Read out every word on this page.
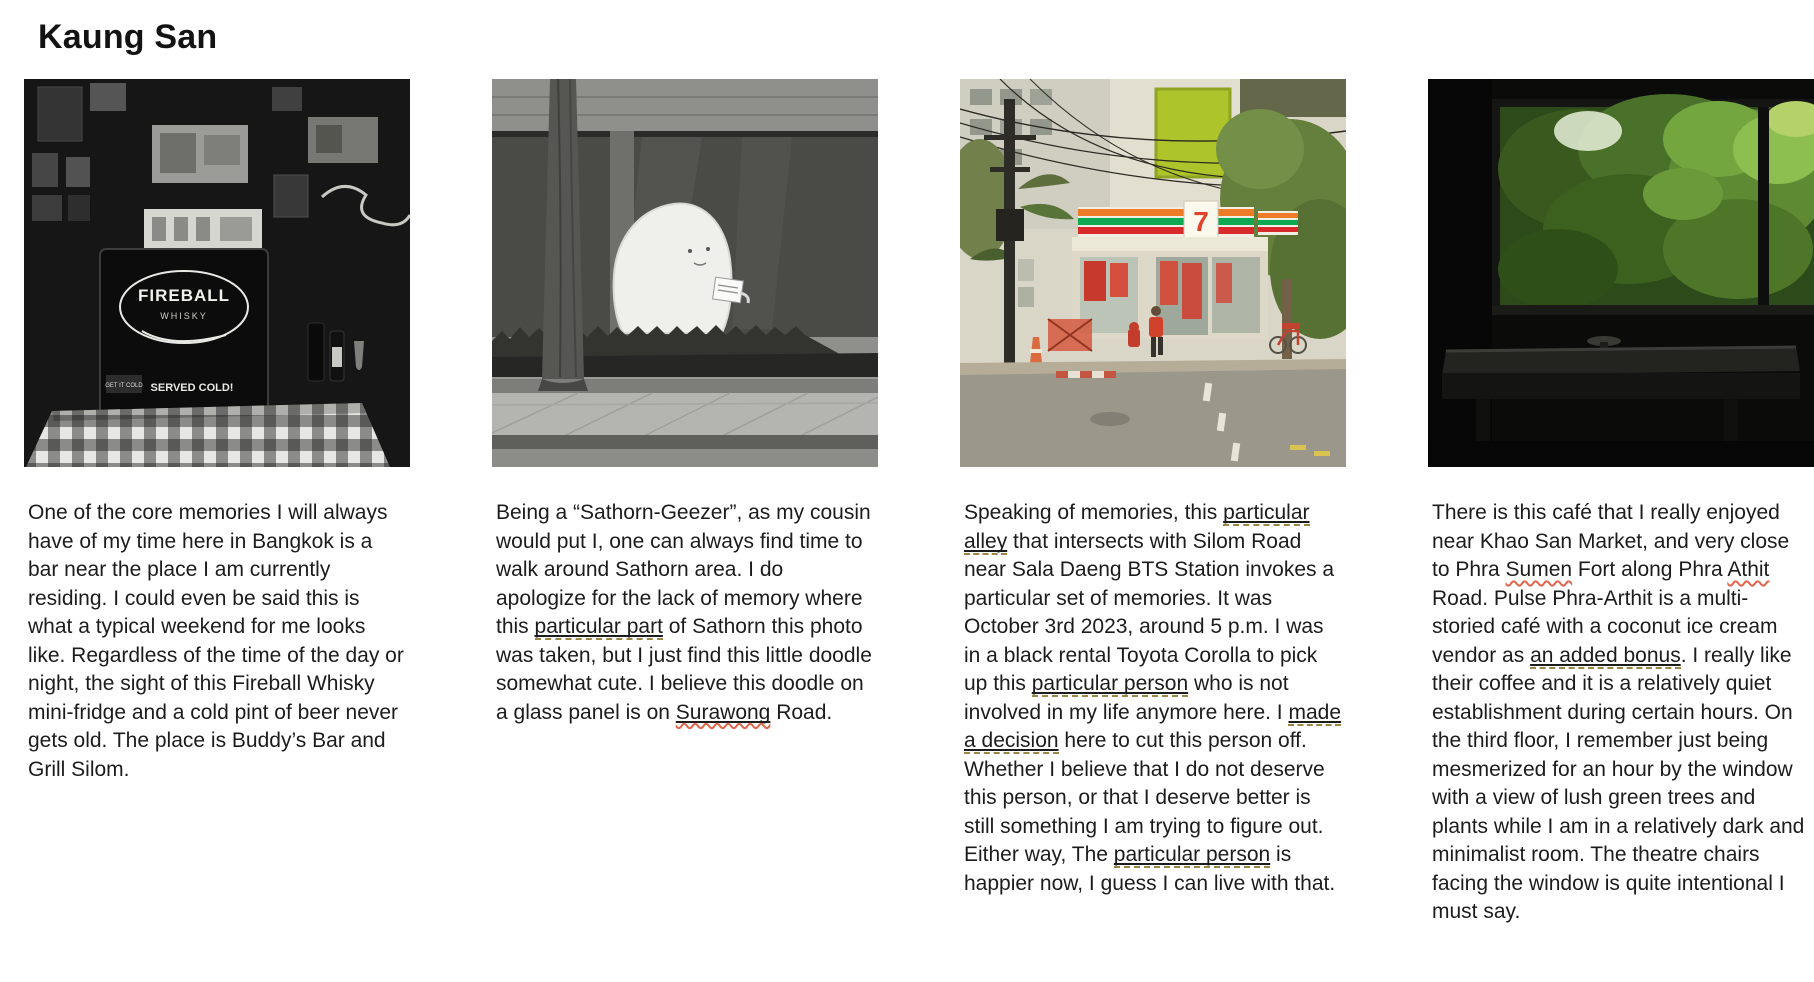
Kaung San
FIREBALL
WHISKY
GET IT COLD SERVED COLD!

One of the core memories I will always have of my time here in Bangkok is a bar near the place I am currently residing. I could even be said this is what a typical weekend for me looks like. Regardless of the time of the day or night, the sight of this Fireball Whisky mini-fridge and a cold pint of beer never gets old. The place is Buddy’s Bar and Grill Silom.

Being a “Sathorn-Geezer”, as my cousin would put I, one can always find time to walk around Sathorn area. I do apologize for the lack of memory where this particular part of Sathorn this photo was taken, but I just find this little doodle somewhat cute. I believe this doodle on a glass panel is on Surawong Road.

7

Speaking of memories, this particular alley that intersects with Silom Road near Sala Daeng BTS Station invokes a particular set of memories. It was October 3rd 2023, around 5 p.m. I was in a black rental Toyota Corolla to pick up this particular person who is not involved in my life anymore here. I made a decision here to cut this person off. Whether I believe that I do not deserve this person, or that I deserve better is still something I am trying to figure out. Either way, The particular person is happier now, I guess I can live with that.

There is this café that I really enjoyed near Khao San Market, and very close to Phra Sumen Fort along Phra Athit Road. Pulse Phra-Arthit is a multi-storied café with a coconut ice cream vendor as an added bonus. I really like their coffee and it is a relatively quiet establishment during certain hours. On the third floor, I remember just being mesmerized for an hour by the window with a view of lush green trees and plants while I am in a relatively dark and minimalist room. The theatre chairs facing the window is quite intentional I must say.
